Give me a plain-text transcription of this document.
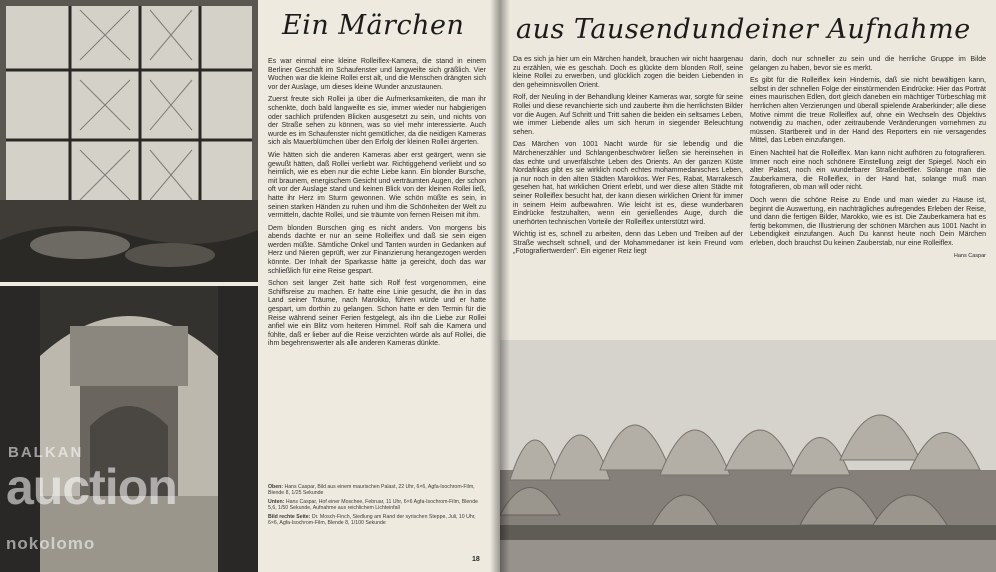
Ein Märchen aus Tausendundeiner Aufnahme

Es war einmal eine kleine Rolleiflex-Kamera, die stand in einem Berliner Geschäft im Schaufenster und langweilte sich gräßlich. Vier Wochen war die kleine Rollei erst alt, und die Menschen drängten sich vor der Auslage, um dieses kleine Wunder anzustaunen.

Zuerst freute sich Rollei ja über die Aufmerksamkeiten, die man ihr schenkte, doch bald langweilte es sie, immer wieder nur habgierigen oder sachlich prüfenden Blicken ausgesetzt zu sein, und nichts von der Straße sehen zu können, was so viel mehr interessierte. Auch wurde es im Schaufenster nicht gemütlicher, da die neidigen Kameras sich als Mauerblümchen über den Erfolg der kleinen Rollei ärgerten.

Wie hätten sich die anderen Kameras aber erst geärgert, wenn sie gewußt hätten, daß Rollei verliebt war. Richtiggehend verliebt und so heimlich, wie es eben nur die echte Liebe kann. Ein blonder Bursche, mit braunem, energischem Gesicht und verträumten Augen, der schon oft vor der Auslage stand und keinen Blick von der kleinen Rollei ließ, hatte ihr Herz im Sturm gewonnen. Wie schön müßte es sein, in seinen starken Händen zu ruhen und ihm die Schönheiten der Welt zu vermitteln, dachte Rollei, und sie träumte von fernen Reisen mit ihm.

Dem blonden Burschen ging es nicht anders. Von morgens bis abends dachte er nur an seine Rolleiflex und daß sie sein eigen werden müßte. Sämtliche Onkel und Tanten wurden in Gedanken auf Herz und Nieren geprüft, wer zur Finanzierung herangezogen werden könnte. Der Inhalt der Sparkasse hätte ja gereicht, doch das war schließlich für eine Reise gespart.

Schon seit langer Zeit hatte sich Rolf fest vorgenommen, eine Schiffsreise zu machen. Er hatte eine Linie gesucht, die ihn in das Land seiner Träume, nach Marokko, führen würde und er hatte gespart, um dorthin zu gelangen. Schon hatte er den Termin für die Reise während seiner Ferien festgelegt, als ihn die Liebe zur Rollei anfiel wie ein Blitz vom heiteren Himmel. Rolf sah die Kamera und fühlte, daß er lieber auf die Reise verzichten würde als auf Rollei, die ihm begehrenswerter als alle anderen Kameras dünkte.

Oben: Hans Caspar, Bild aus einem maurischen Palast, 22 Uhr, 6×6, Agfa-Isochrom-Film, Blende 8, 1/25 Sekunde

Unten: Hans Caspar, Hof einer Moschee, Februar, 11 Uhr, 6×6 Agfa-Isochrom-Film, Blende 5,6, 1/50 Sekunde, Aufnahme aus reichlichem Lichteinfall

Bild rechte Seite: Dr. Mosch-Finch, Siedlung am Rand der syrischen Steppe, Juli, 10 Uhr, 6×6, Agfa-Isochrom-Film, Blende 8, 1/100 Sekunde

18

Da es sich ja hier um ein Märchen handelt, brauchen wir nicht haargenau zu erzählen, wie es geschah. Doch es glückte dem blonden Rolf, seine kleine Rollei zu erwerben, und glücklich zogen die beiden Liebenden in den geheimnisvollen Orient.

Rolf, der Neuling in der Behandlung kleiner Kameras war, sorgte für seine Rollei und diese revanchierte sich und zauberte ihm die herrlichsten Bilder vor die Augen. Auf Schritt und Tritt sahen die beiden ein seltsames Leben, wie immer Liebende alles um sich herum in siegender Beleuchtung sehen.

Das Märchen von 1001 Nacht wurde für sie lebendig und die Märchenerzähler und Schlangenbeschwörer ließen sie hereinsehen in das echte und unverfälschte Leben des Orients. An der ganzen Küste Nordafrikas gibt es sie wirklich noch echtes mohammedanisches Leben, ja nur noch in den alten Städten Marokkos. Wer Fes, Rabat, Marrakesch gesehen hat, hat wirklichen Orient erlebt, und wer diese alten Städte mit seiner Rolleiflex besucht hat, der kann diesen wirklichen Orient für immer in seinem Heim aufbewahren. Wie leicht ist es, diese wunderbaren Eindrücke festzuhalten, wenn ein genießendes Auge, durch die unerhörten technischen Vorteile der Rolleiflex unterstützt wird.

Wichtig ist es, schnell zu arbeiten, denn das Leben und Treiben auf der Straße wechselt schnell, und der Mohammedaner ist kein Freund vom „Fotografiertwerden". Ein eigener Reiz liegt

darin, doch nur schneller zu sein und die herrliche Gruppe im Bilde gelangen zu haben, bevor sie es merkt.

Es gibt für die Rolleiflex kein Hindernis, daß sie nicht bewältigen kann, selbst in der schnellen Folge der einstürmenden Eindrücke: Hier das Porträt eines maurischen Edlen, dort gleich daneben ein mächtiger Türbeschlag mit herrlichen alten Verzierungen und überall spielende Araberkinder; alle diese Motive nimmt die treue Rolleiflex auf, ohne ein Wechseln des Objektivs notwendig zu machen, oder zeitraubende Veränderungen vornehmen zu müssen. Startbereit und in der Hand des Reporters ein nie versagendes Mittel, das Leben einzufangen.

Einen Nachteil hat die Rolleiflex. Man kann nicht aufhören zu fotografieren. Immer noch eine noch schönere Einstellung zeigt der Spiegel. Noch ein alter Palast, noch ein wunderbarer Straßenbettler. Solange man die Zauberkamera, die Rolleiflex, in der Hand hat, solange muß man fotografieren, ob man will oder nicht.

Doch wenn die schöne Reise zu Ende und man wieder zu Hause ist, beginnt die Auswertung, ein nachträgliches aufregendes Erleben der Reise, und dann die fertigen Bilder, Marokko, wie es ist. Die Zauberkamera hat es fertig bekommen, die Illustrierung der schönen Märchen aus 1001 Nacht in Lebendigkeit einzufangen. Auch Du kannst heute noch Dein Märchen erleben, doch brauchst Du keinen Zauberstab, nur eine Rolleiflex.

Hans Caspar
BALKAN
auction
nokolomo
